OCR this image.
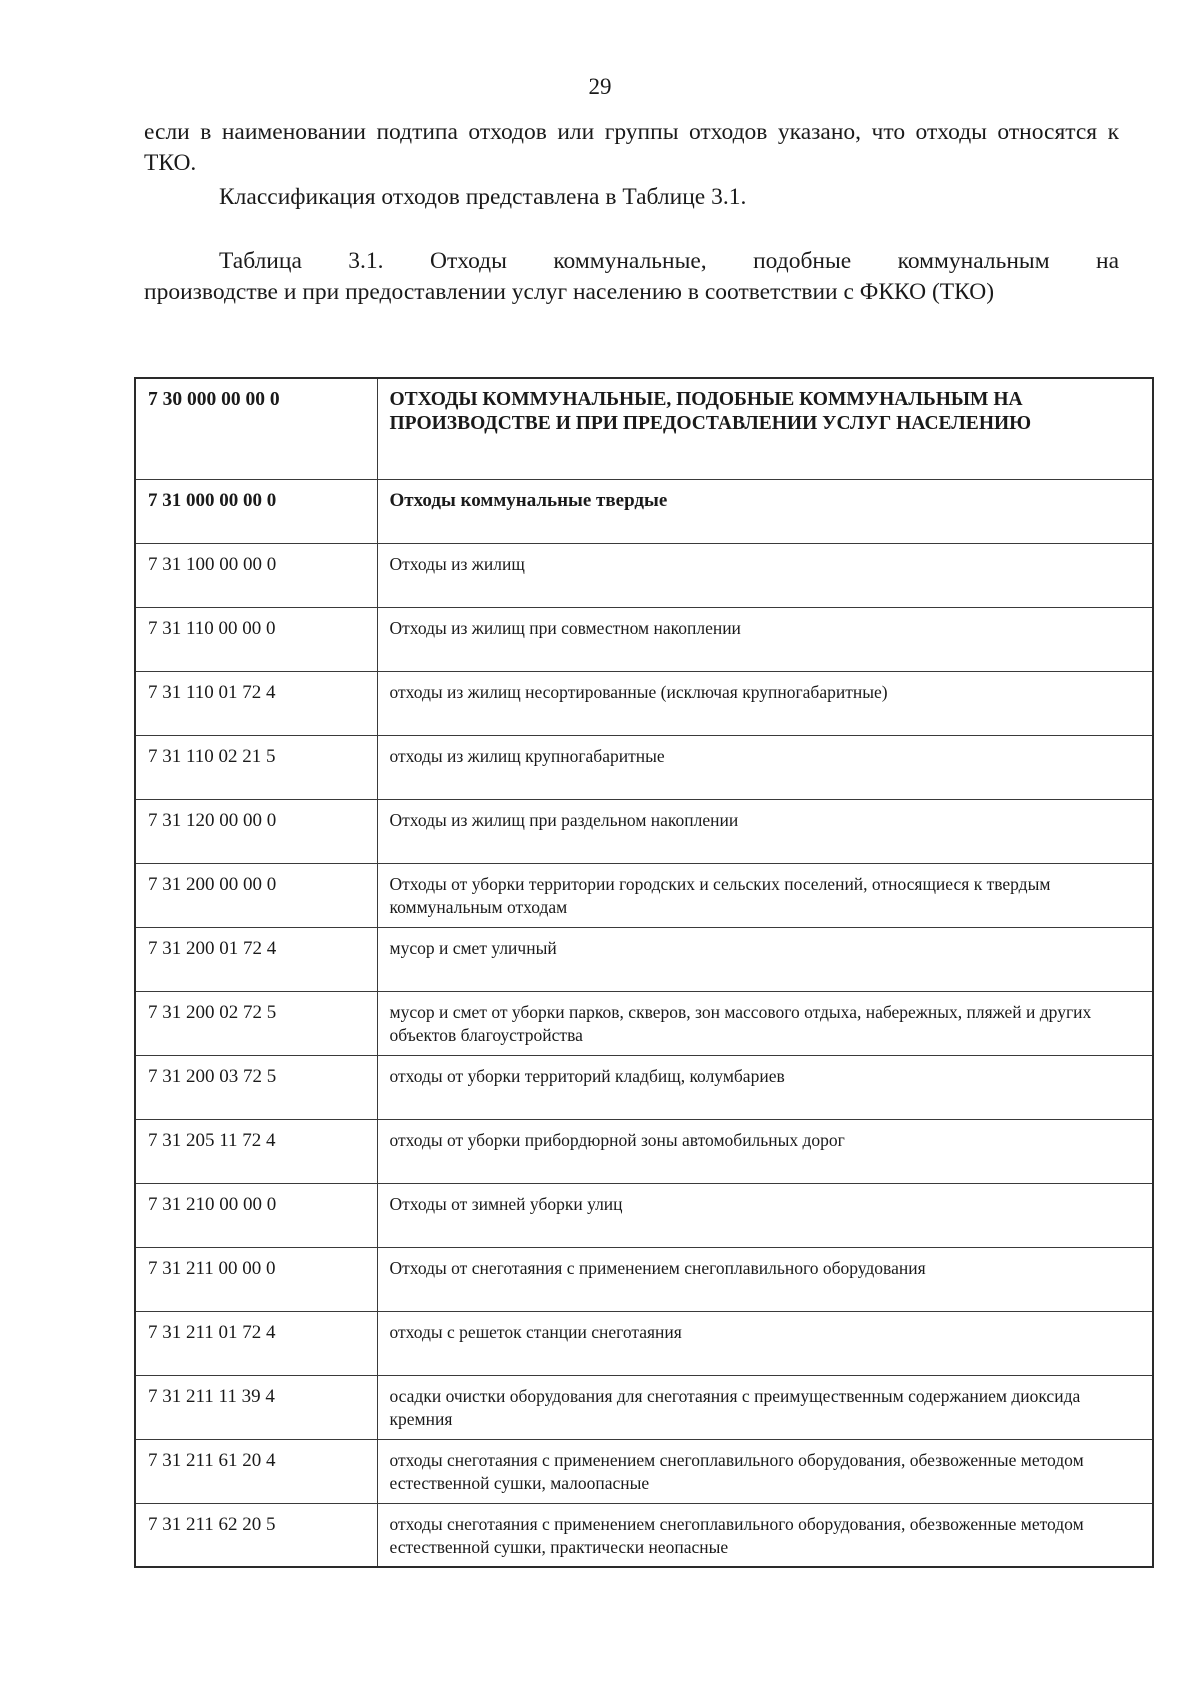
29
если в наименовании подтипа отходов или группы отходов указано, что отходы относятся к ТКО.
Классификация отходов представлена в Таблице 3.1.
Таблица 3.1. Отходы коммунальные, подобные коммунальным на
производстве и при предоставлении услуг населению в соответствии с ФККО (ТКО)
7 30 000 00 00 0	ОТХОДЫ КОММУНАЛЬНЫЕ, ПОДОБНЫЕ КОММУНАЛЬНЫМ НА ПРОИЗВОДСТВЕ И ПРИ ПРЕДОСТАВЛЕНИИ УСЛУГ НАСЕЛЕНИЮ
7 31 000 00 00 0	Отходы коммунальные твердые
7 31 100 00 00 0	Отходы из жилищ
7 31 110 00 00 0	Отходы из жилищ при совместном накоплении
7 31 110 01 72 4	отходы из жилищ несортированные (исключая крупногабаритные)
7 31 110 02 21 5	отходы из жилищ крупногабаритные
7 31 120 00 00 0	Отходы из жилищ при раздельном накоплении
7 31 200 00 00 0	Отходы от уборки территории городских и сельских поселений, относящиеся к твердым коммунальным отходам
7 31 200 01 72 4	мусор и смет уличный
7 31 200 02 72 5	мусор и смет от уборки парков, скверов, зон массового отдыха, набережных, пляжей и других объектов благоустройства
7 31 200 03 72 5	отходы от уборки территорий кладбищ, колумбариев
7 31 205 11 72 4	отходы от уборки прибордюрной зоны автомобильных дорог
7 31 210 00 00 0	Отходы от зимней уборки улиц
7 31 211 00 00 0	Отходы от снеготаяния с применением снегоплавильного оборудования
7 31 211 01 72 4	отходы с решеток станции снеготаяния
7 31 211 11 39 4	осадки очистки оборудования для снеготаяния с преимущественным содержанием диоксида кремния
7 31 211 61 20 4	отходы снеготаяния с применением снегоплавильного оборудования, обезвоженные методом естественной сушки, малоопасные
7 31 211 62 20 5	отходы снеготаяния с применением снегоплавильного оборудования, обезвоженные методом естественной сушки, практически неопасные
